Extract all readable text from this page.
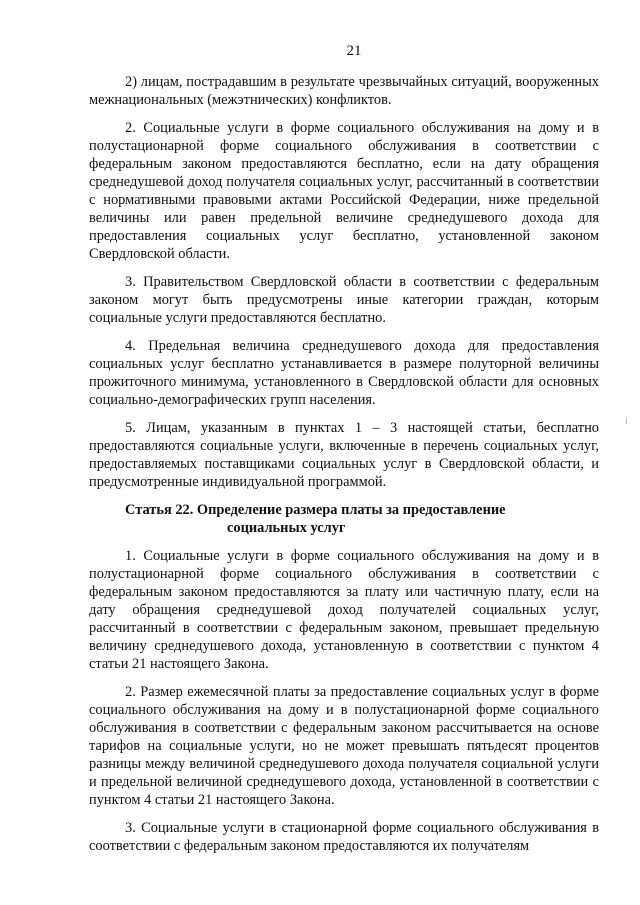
21

2) лицам, пострадавшим в результате чрезвычайных ситуаций, вооруженных межнациональных (межэтнических) конфликтов.

2. Социальные услуги в форме социального обслуживания на дому и в полустационарной форме социального обслуживания в соответствии с федеральным законом предоставляются бесплатно, если на дату обращения среднедушевой доход получателя социальных услуг, рассчитанный в соответствии с нормативными правовыми актами Российской Федерации, ниже предельной величины или равен предельной величине среднедушевого дохода для предоставления социальных услуг бесплатно, установленной законом Свердловской области.

3. Правительством Свердловской области в соответствии с федеральным законом могут быть предусмотрены иные категории граждан, которым социальные услуги предоставляются бесплатно.

4. Предельная величина среднедушевого дохода для предоставления социальных услуг бесплатно устанавливается в размере полуторной величины прожиточного минимума, установленного в Свердловской области для основных социально-демографических групп населения.

5. Лицам, указанным в пунктах 1 – 3 настоящей статьи, бесплатно предоставляются социальные услуги, включенные в перечень социальных услуг, предоставляемых поставщиками социальных услуг в Свердловской области, и предусмотренные индивидуальной программой.

Статья 22. Определение размера платы за предоставление
социальных услуг

1. Социальные услуги в форме социального обслуживания на дому и в полустационарной форме социального обслуживания в соответствии с федеральным законом предоставляются за плату или частичную плату, если на дату обращения среднедушевой доход получателей социальных услуг, рассчитанный в соответствии с федеральным законом, превышает предельную величину среднедушевого дохода, установленную в соответствии с пунктом 4 статьи 21 настоящего Закона.

2. Размер ежемесячной платы за предоставление социальных услуг в форме социального обслуживания на дому и в полустационарной форме социального обслуживания в соответствии с федеральным законом рассчитывается на основе тарифов на социальные услуги, но не может превышать пятьдесят процентов разницы между величиной среднедушевого дохода получателя социальной услуги и предельной величиной среднедушевого дохода, установленной в соответствии с пунктом 4 статьи 21 настоящего Закона.

3. Социальные услуги в стационарной форме социального обслуживания в соответствии с федеральным законом предоставляются их получателям
